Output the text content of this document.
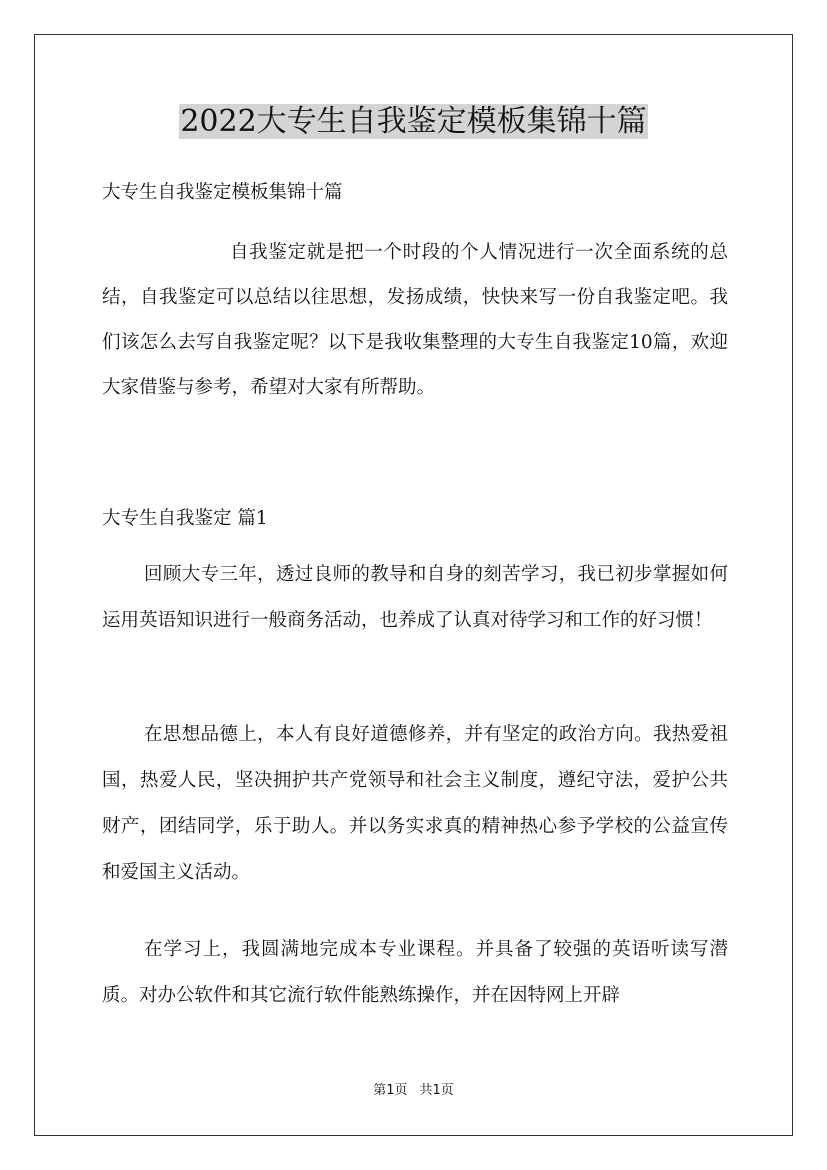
2022大专生自我鉴定模板集锦十篇

大专生自我鉴定模板集锦十篇

自我鉴定就是把一个时段的个人情况进行一次全面系统的总结，自我鉴定可以总结以往思想，发扬成绩，快快来写一份自我鉴定吧。我们该怎么去写自我鉴定呢？以下是我收集整理的大专生自我鉴定10篇，欢迎大家借鉴与参考，希望对大家有所帮助。

大专生自我鉴定 篇1

回顾大专三年，透过良师的教导和自身的刻苦学习，我已初步掌握如何运用英语知识进行一般商务活动，也养成了认真对待学习和工作的好习惯！

在思想品德上，本人有良好道德修养，并有坚定的政治方向。我热爱祖国，热爱人民，坚决拥护共产党领导和社会主义制度，遵纪守法，爱护公共财产，团结同学，乐于助人。并以务实求真的精神热心参予学校的公益宣传和爱国主义活动。

在学习上，我圆满地完成本专业课程。并具备了较强的英语听读写潜质。对办公软件和其它流行软件能熟练操作，并在因特网上开辟

第1页 共1页
